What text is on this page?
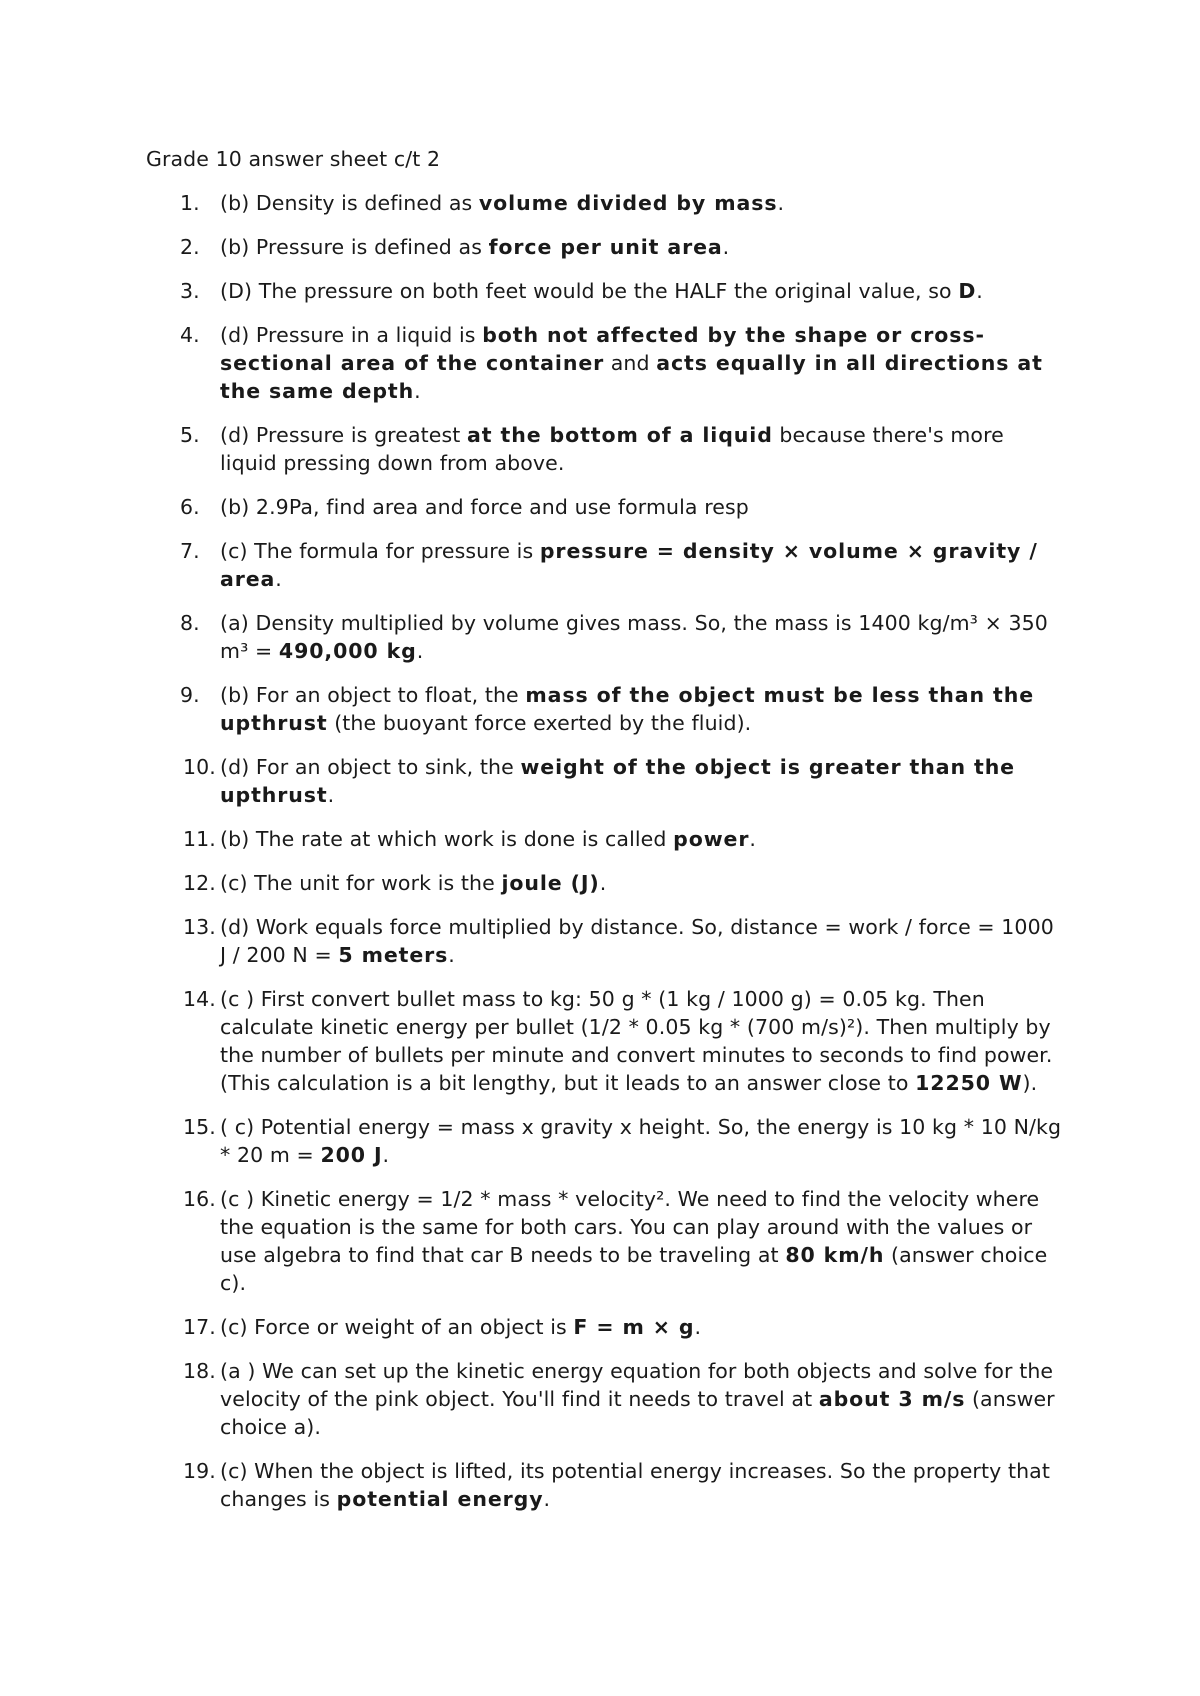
Grade 10 answer sheet c/t 2
1. (b) Density is defined as volume divided by mass.
2. (b) Pressure is defined as force per unit area.
3. (D) The pressure on both feet would be the HALF the original value, so D.
4. (d) Pressure in a liquid is both not affected by the shape or cross-sectional area of the container and acts equally in all directions at the same depth.
5. (d) Pressure is greatest at the bottom of a liquid because there's more liquid pressing down from above.
6. (b) 2.9Pa, find area and force and use formula resp
7. (c) The formula for pressure is pressure = density × volume × gravity / area.
8. (a) Density multiplied by volume gives mass. So, the mass is 1400 kg/m³ × 350 m³ = 490,000 kg.
9. (b) For an object to float, the mass of the object must be less than the upthrust (the buoyant force exerted by the fluid).
10. (d) For an object to sink, the weight of the object is greater than the upthrust.
11. (b) The rate at which work is done is called power.
12. (c) The unit for work is the joule (J).
13. (d) Work equals force multiplied by distance. So, distance = work / force = 1000 J / 200 N = 5 meters.
14. (c ) First convert bullet mass to kg: 50 g * (1 kg / 1000 g) = 0.05 kg. Then calculate kinetic energy per bullet (1/2 * 0.05 kg * (700 m/s)²). Then multiply by the number of bullets per minute and convert minutes to seconds to find power. (This calculation is a bit lengthy, but it leads to an answer close to 12250 W).
15. ( c) Potential energy = mass x gravity x height. So, the energy is 10 kg * 10 N/kg * 20 m = 200 J.
16. (c ) Kinetic energy = 1/2 * mass * velocity². We need to find the velocity where the equation is the same for both cars. You can play around with the values or use algebra to find that car B needs to be traveling at 80 km/h (answer choice c).
17. (c) Force or weight of an object is F = m × g.
18. (a ) We can set up the kinetic energy equation for both objects and solve for the velocity of the pink object. You'll find it needs to travel at about 3 m/s (answer choice a).
19. (c) When the object is lifted, its potential energy increases. So the property that changes is potential energy.
